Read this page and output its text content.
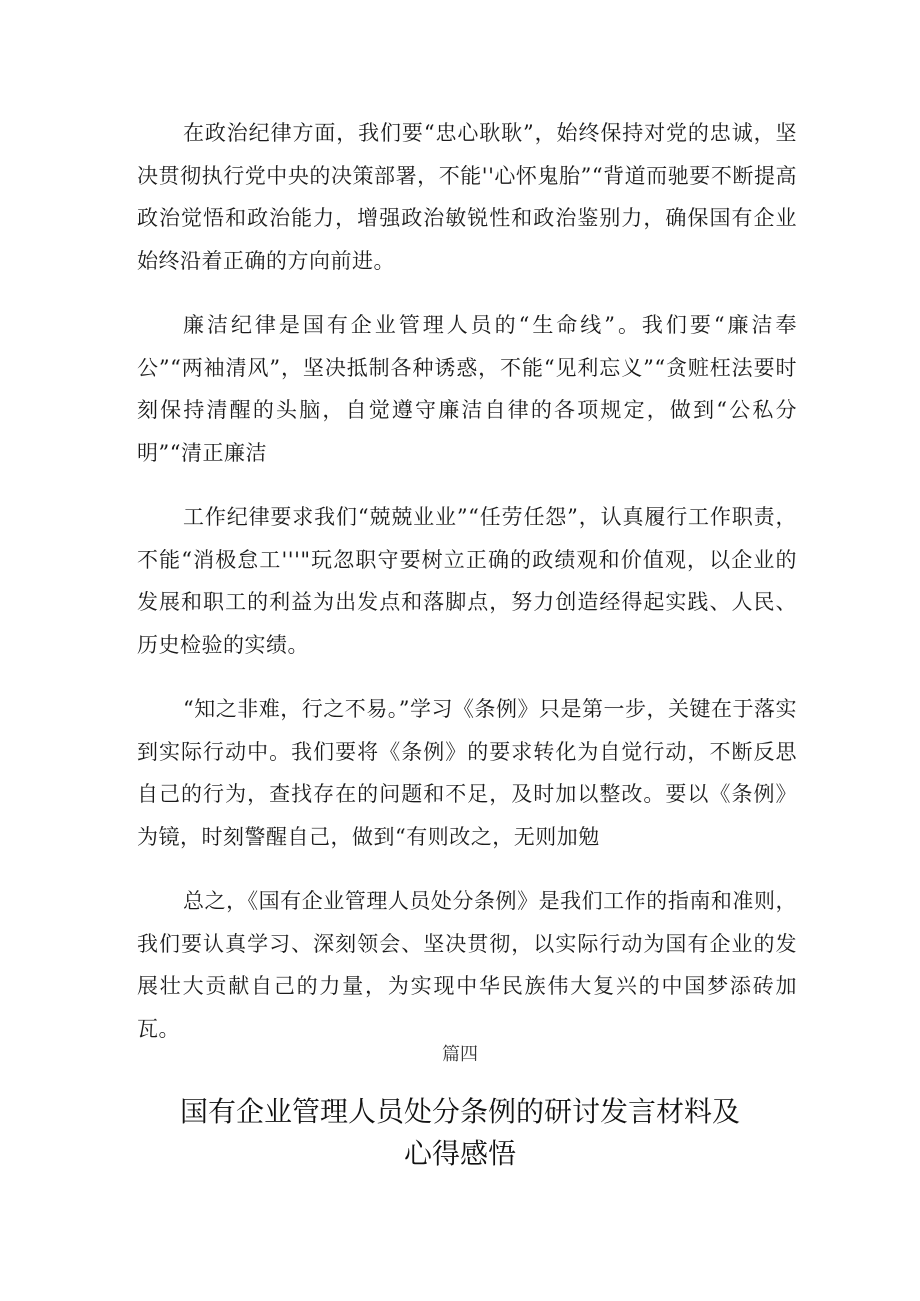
在政治纪律方面，我们要“忠心耿耿”，始终保持对党的忠诚，坚决贯彻执行党中央的决策部署，不能''心怀鬼胎”“背道而驰要不断提高政治觉悟和政治能力，增强政治敏锐性和政治鉴别力，确保国有企业始终沿着正确的方向前进。

廉洁纪律是国有企业管理人员的“生命线”。我们要“廉洁奉公”“两袖清风”，坚决抵制各种诱惑，不能“见利忘义”“贪赃枉法要时刻保持清醒的头脑，自觉遵守廉洁自律的各项规定，做到“公私分明”“清正廉洁

工作纪律要求我们“兢兢业业”“任劳任怨”，认真履行工作职责，不能“消极怠工'''"玩忽职守要树立正确的政绩观和价值观，以企业的发展和职工的利益为出发点和落脚点，努力创造经得起实践、人民、历史检验的实绩。

“知之非难，行之不易。”学习《条例》只是第一步，关键在于落实到实际行动中。我们要将《条例》的要求转化为自觉行动，不断反思自己的行为，查找存在的问题和不足，及时加以整改。要以《条例》为镜，时刻警醒自己，做到“有则改之，无则加勉

总之，《国有企业管理人员处分条例》是我们工作的指南和准则，我们要认真学习、深刻领会、坚决贯彻，以实际行动为国有企业的发展壮大贡献自己的力量，为实现中华民族伟大复兴的中国梦添砖加瓦。

篇四

国有企业管理人员处分条例的研讨发言材料及
心得感悟
